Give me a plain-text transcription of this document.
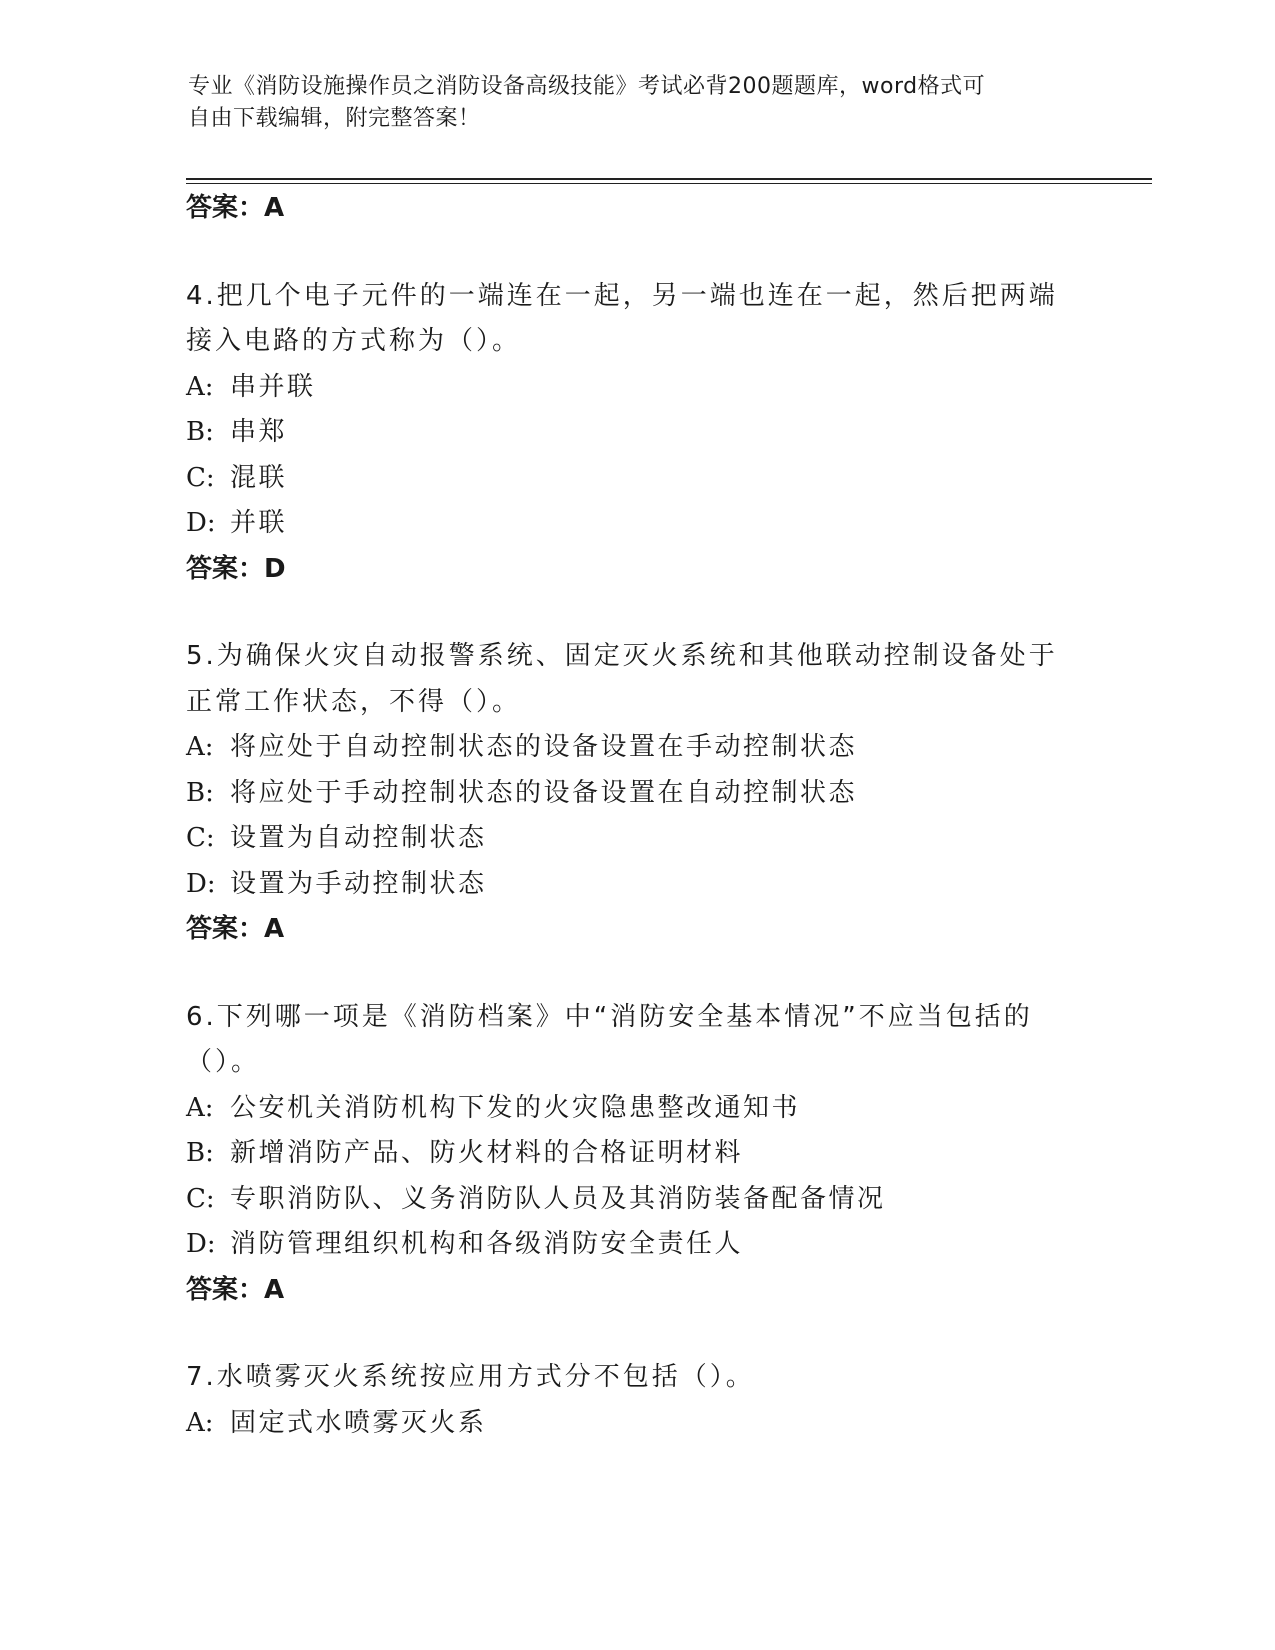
专业《消防设施操作员之消防设备高级技能》考试必背200题题库，word格式可
自由下载编辑，附完整答案！
答案：A
4.把几个电子元件的一端连在一起，另一端也连在一起，然后把两端
接入电路的方式称为（）。
A: 串并联
B: 串郑
C: 混联
D: 并联
答案：D
5.为确保火灾自动报警系统、固定灭火系统和其他联动控制设备处于
正常工作状态，不得（）。
A: 将应处于自动控制状态的设备设置在手动控制状态
B: 将应处于手动控制状态的设备设置在自动控制状态
C: 设置为自动控制状态
D: 设置为手动控制状态
答案：A
6.下列哪一项是《消防档案》中“消防安全基本情况”不应当包括的
（）。
A: 公安机关消防机构下发的火灾隐患整改通知书
B: 新增消防产品、防火材料的合格证明材料
C: 专职消防队、义务消防队人员及其消防装备配备情况
D: 消防管理组织机构和各级消防安全责任人
答案：A
7.水喷雾灭火系统按应用方式分不包括（）。
A: 固定式水喷雾灭火系
